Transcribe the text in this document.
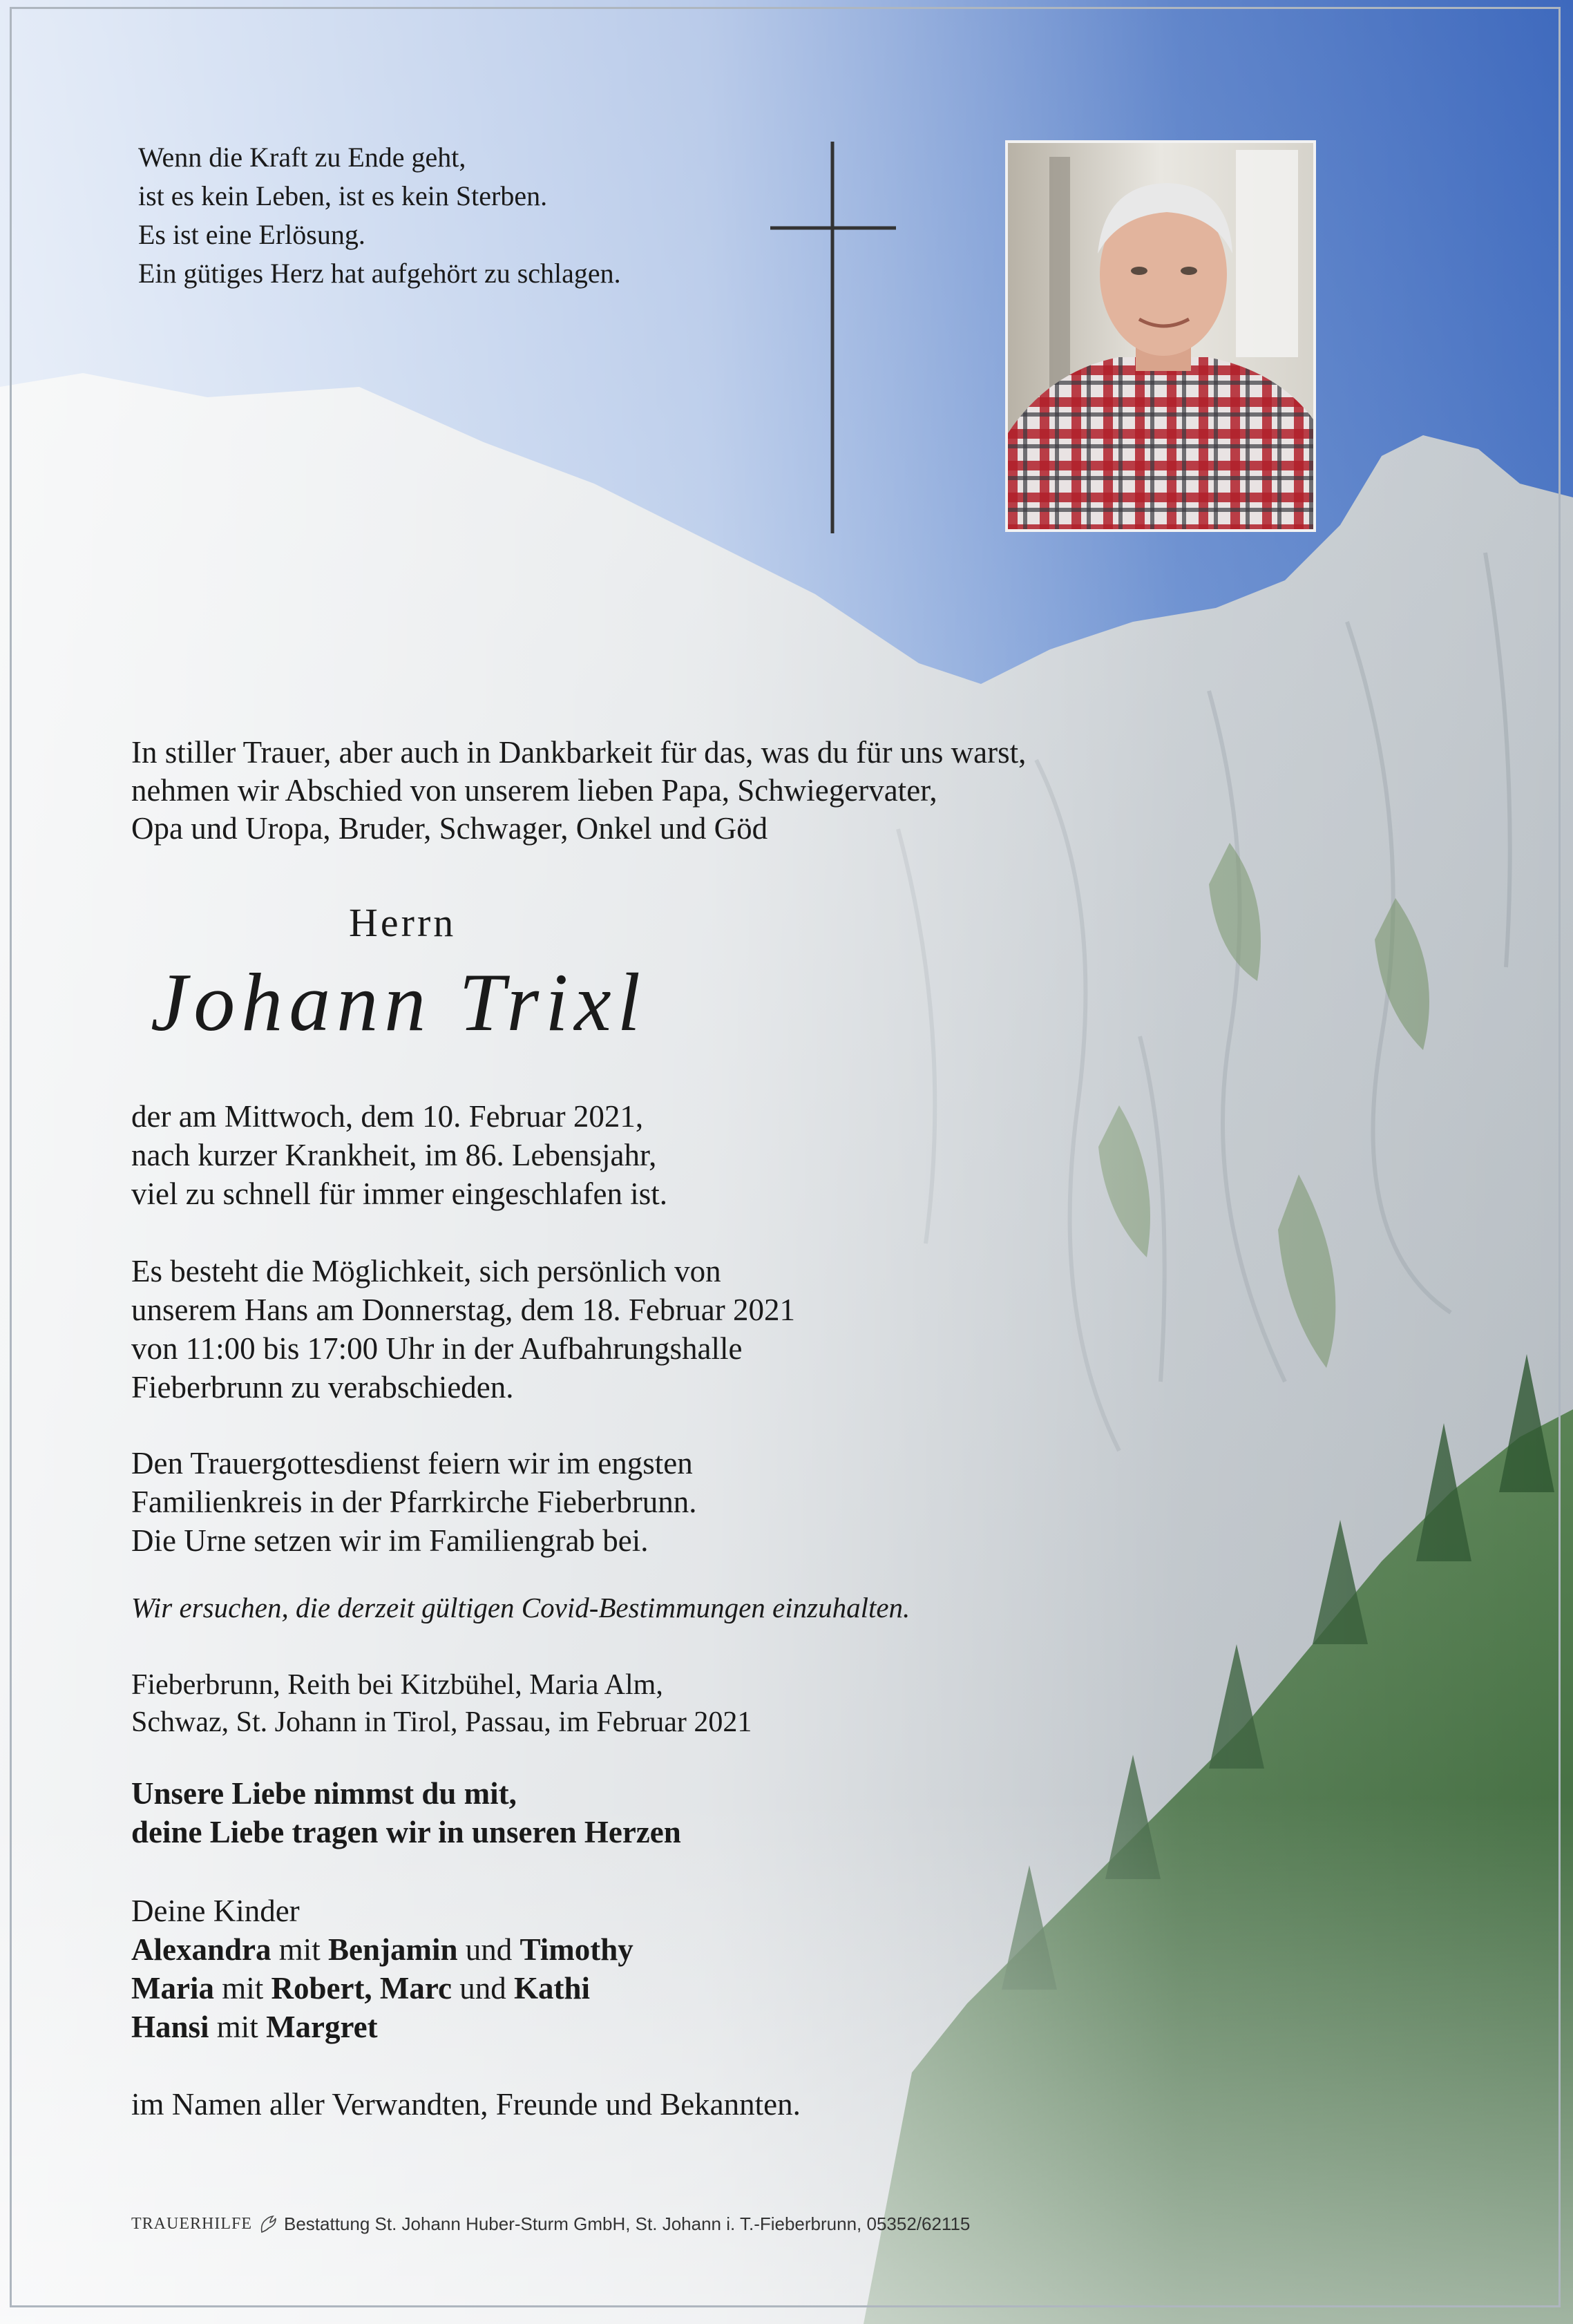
Wenn die Kraft zu Ende geht,
ist es kein Leben, ist es kein Sterben.
Es ist eine Erlösung.
Ein gütiges Herz hat aufgehört zu schlagen.
In stiller Trauer, aber auch in Dankbarkeit für das, was du für uns warst,
nehmen wir Abschied von unserem lieben Papa, Schwiegervater,
Opa und Uropa, Bruder, Schwager, Onkel und Göd
Herrn
Johann Trixl
der am Mittwoch, dem 10. Februar 2021,
nach kurzer Krankheit, im 86. Lebensjahr,
viel zu schnell für immer eingeschlafen ist.
Es besteht die Möglichkeit, sich persönlich von
unserem Hans am Donnerstag, dem 18. Februar 2021
von 11:00 bis 17:00 Uhr in der Aufbahrungshalle
Fieberbrunn zu verabschieden.
Den Trauergottesdienst feiern wir im engsten
Familienkreis in der Pfarrkirche Fieberbrunn.
Die Urne setzen wir im Familiengrab bei.
Wir ersuchen, die derzeit gültigen Covid-Bestimmungen einzuhalten.
Fieberbrunn, Reith bei Kitzbühel, Maria Alm,
Schwaz, St. Johann in Tirol, Passau, im Februar 2021
Unsere Liebe nimmst du mit,
deine Liebe tragen wir in unseren Herzen
Deine Kinder
Alexandra mit Benjamin und Timothy
Maria mit Robert, Marc und Kathi
Hansi mit Margret
im Namen aller Verwandten, Freunde und Bekannten.
TRAUERHILFE Bestattung St. Johann Huber-Sturm GmbH, St. Johann i. T.-Fieberbrunn, 05352/62115
